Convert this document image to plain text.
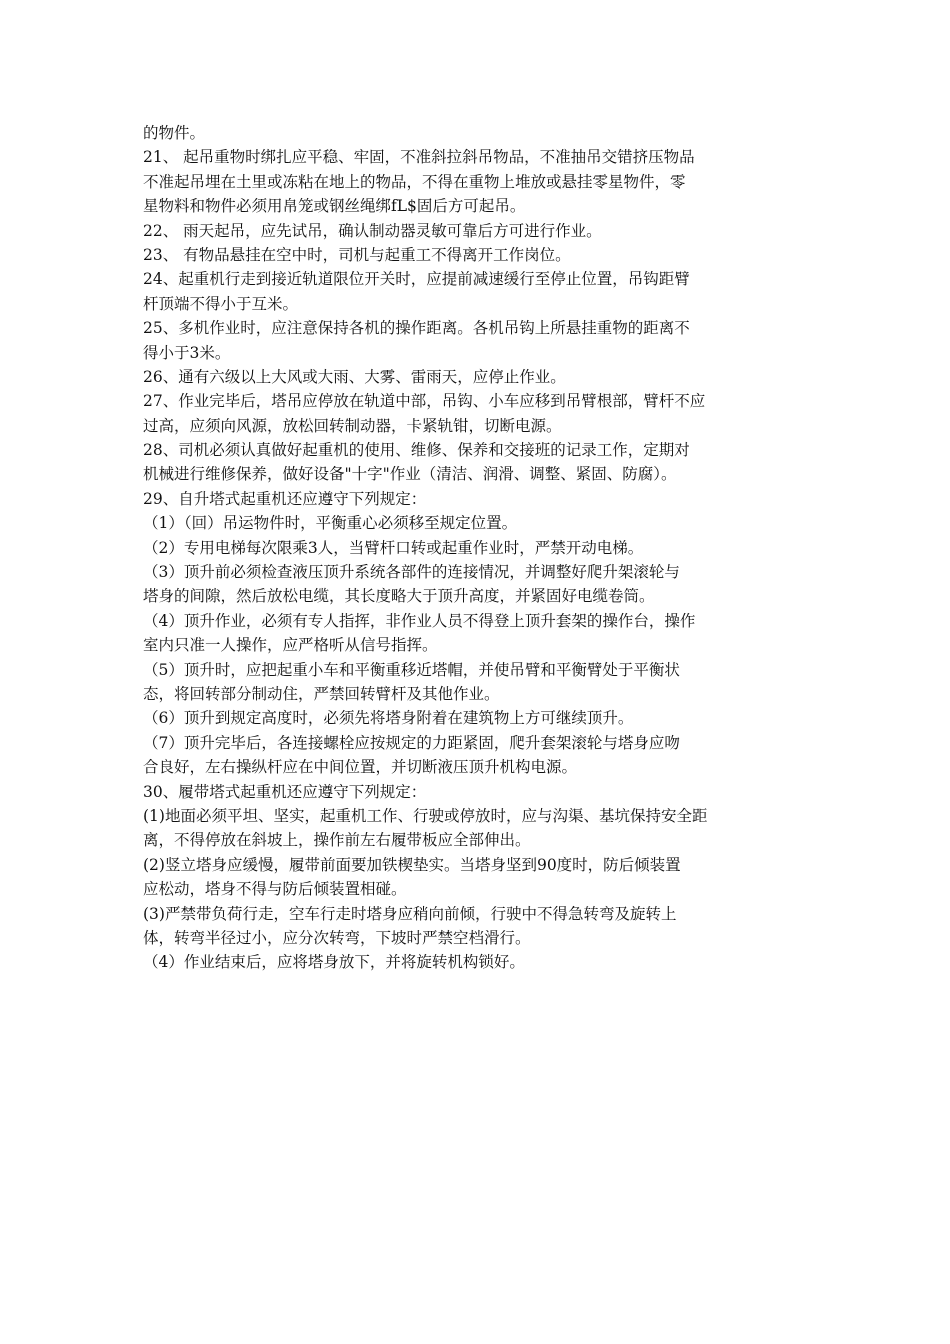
的物件。
21、 起吊重物时绑扎应平稳、牢固，不准斜拉斜吊物品，不准抽吊交错挤压物品
不准起吊埋在土里或冻粘在地上的物品，不得在重物上堆放或悬挂零星物件，零
星物料和物件必须用帛笼或钢丝绳绑fL$固后方可起吊。
22、 雨天起吊，应先试吊，确认制动器灵敏可靠后方可进行作业。
23、 有物品悬挂在空中时，司机与起重工不得离开工作岗位。
24、起重机行走到接近轨道限位开关时，应提前减速缓行至停止位置，吊钩距臂
杆顶端不得小于互米。
25、多机作业时，应注意保持各机的操作距离。各机吊钩上所悬挂重物的距离不
得小于3米。
26、通有六级以上大风或大雨、大雾、雷雨天，应停止作业。
27、作业完毕后，塔吊应停放在轨道中部，吊钩、小车应移到吊臂根部，臂杆不应
过高，应须向风源，放松回转制动器，卡紧轨钳，切断电源。
28、司机必须认真做好起重机的使用、维修、保养和交接班的记录工作，定期对
机械进行维修保养，做好设备"十字"作业（清洁、润滑、调整、紧固、防腐）。
29、自升塔式起重机还应遵守下列规定：
（1）（回）吊运物件时，平衡重心必须移至规定位置。
（2）专用电梯每次限乘3人，当臂杆口转或起重作业时，严禁开动电梯。
（3）顶升前必须检查液压顶升系统各部件的连接情况，并调整好爬升架滚轮与
塔身的间隙，然后放松电缆，其长度略大于顶升高度，并紧固好电缆卷筒。
（4）顶升作业，必须有专人指挥，非作业人员不得登上顶升套架的操作台，操作
室内只准一人操作，应严格听从信号指挥。
（5）顶升时，应把起重小车和平衡重移近塔帽，并使吊臂和平衡臂处于平衡状
态，将回转部分制动住，严禁回转臂杆及其他作业。
（6）顶升到规定高度时，必须先将塔身附着在建筑物上方可继续顶升。
（7）顶升完毕后，各连接螺栓应按规定的力距紧固，爬升套架滚轮与塔身应吻
合良好，左右操纵杆应在中间位置，并切断液压顶升机构电源。
30、履带塔式起重机还应遵守下列规定：
(1)地面必须平坦、坚实，起重机工作、行驶或停放时，应与沟渠、基坑保持安全距
离，不得停放在斜坡上，操作前左右履带板应全部伸出。
(2)竖立塔身应缓慢，履带前面要加铁楔垫实。当塔身坚到90度时，防后倾装置
应松动，塔身不得与防后倾装置相碰。
(3)严禁带负荷行走，空车行走时塔身应稍向前倾，行驶中不得急转弯及旋转上
体，转弯半径过小，应分次转弯，下坡时严禁空档滑行。
（4）作业结束后，应将塔身放下，并将旋转机构锁好。
